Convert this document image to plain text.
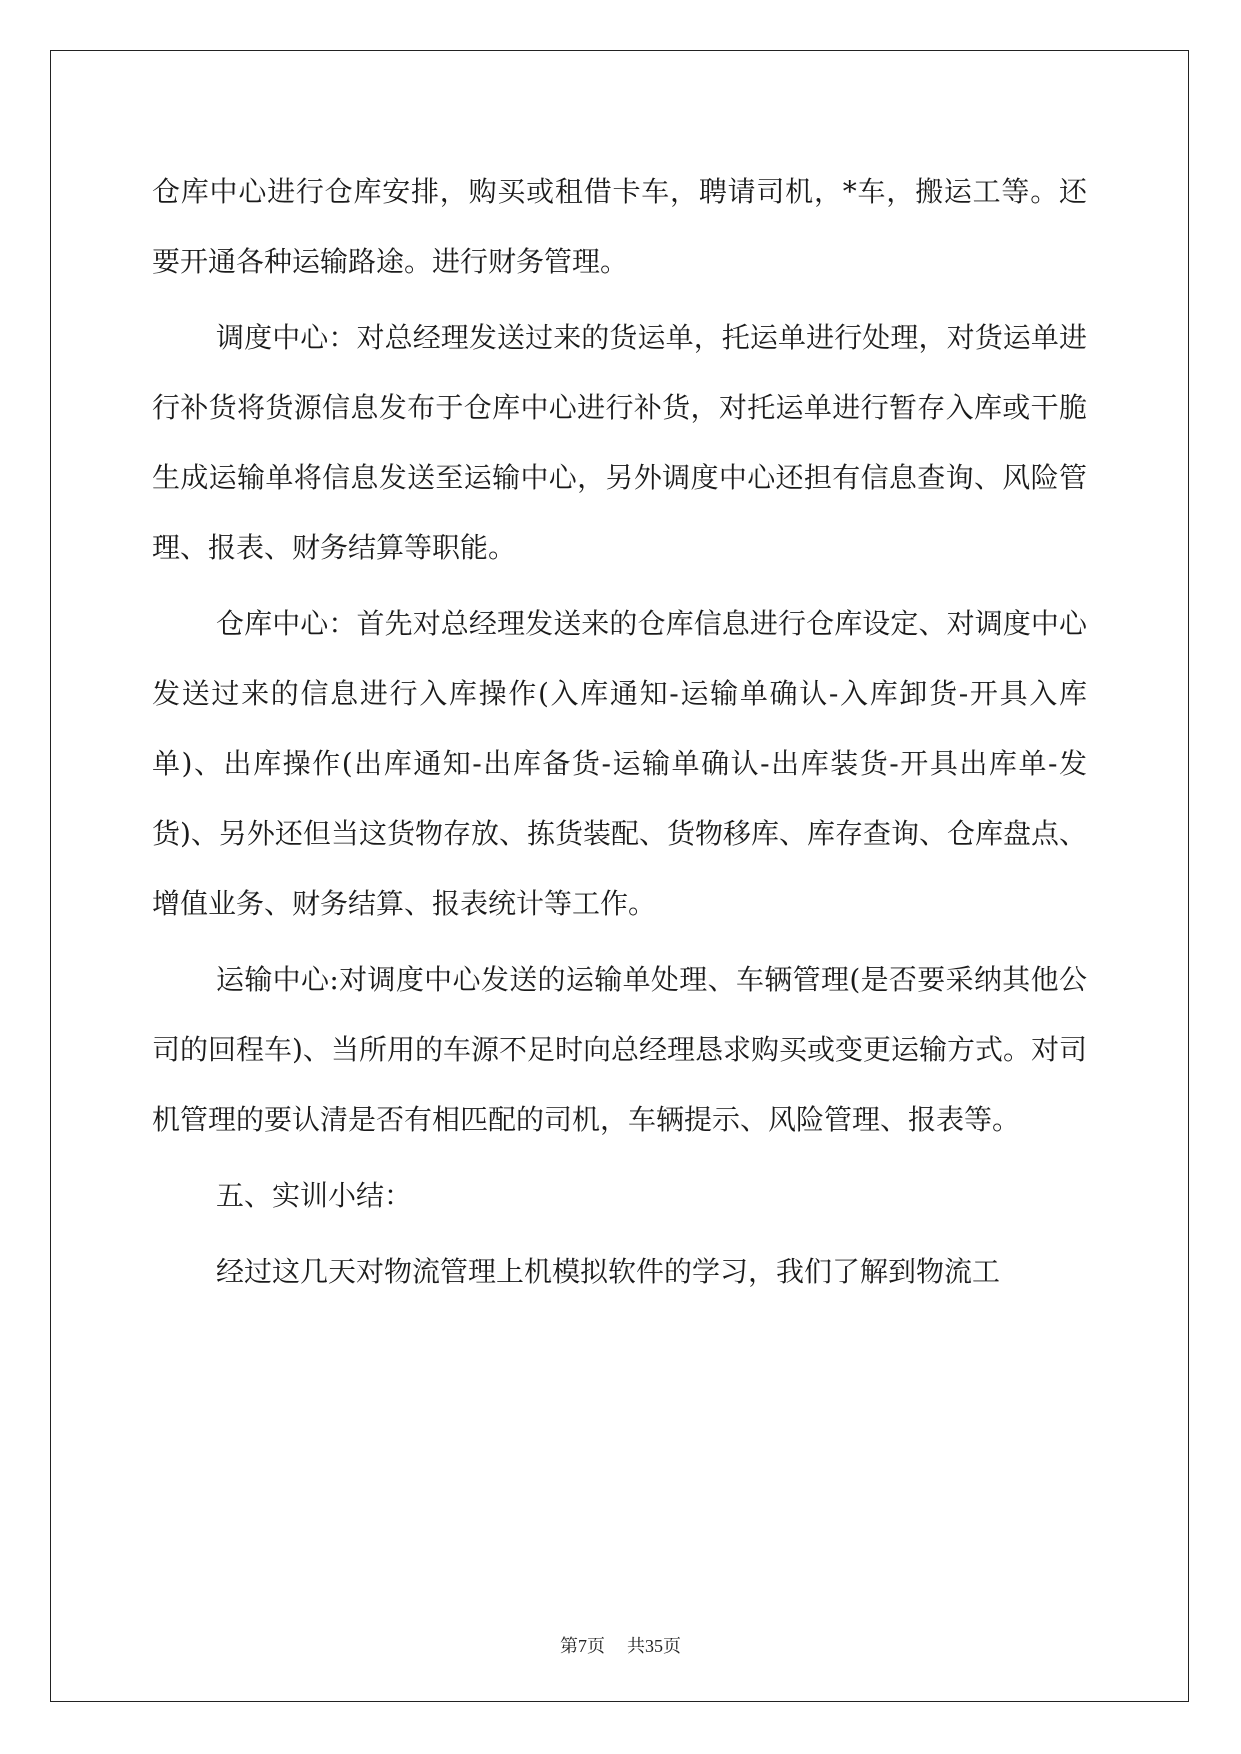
仓库中心进行仓库安排，购买或租借卡车，聘请司机，*车，搬运工等。还要开通各种运输路途。进行财务管理。

调度中心：对总经理发送过来的货运单，托运单进行处理，对货运单进行补货将货源信息发布于仓库中心进行补货，对托运单进行暂存入库或干脆生成运输单将信息发送至运输中心，另外调度中心还担有信息查询、风险管理、报表、财务结算等职能。

仓库中心：首先对总经理发送来的仓库信息进行仓库设定、对调度中心发送过来的信息进行入库操作(入库通知-运输单确认-入库卸货-开具入库单)、出库操作(出库通知-出库备货-运输单确认-出库装货-开具出库单-发货)、另外还但当这货物存放、拣货装配、货物移库、库存查询、仓库盘点、增值业务、财务结算、报表统计等工作。

运输中心:对调度中心发送的运输单处理、车辆管理(是否要采纳其他公司的回程车)、当所用的车源不足时向总经理恳求购买或变更运输方式。对司机管理的要认清是否有相匹配的司机，车辆提示、风险管理、报表等。

五、实训小结：

经过这几天对物流管理上机模拟软件的学习，我们了解到物流工

第7页 共35页
